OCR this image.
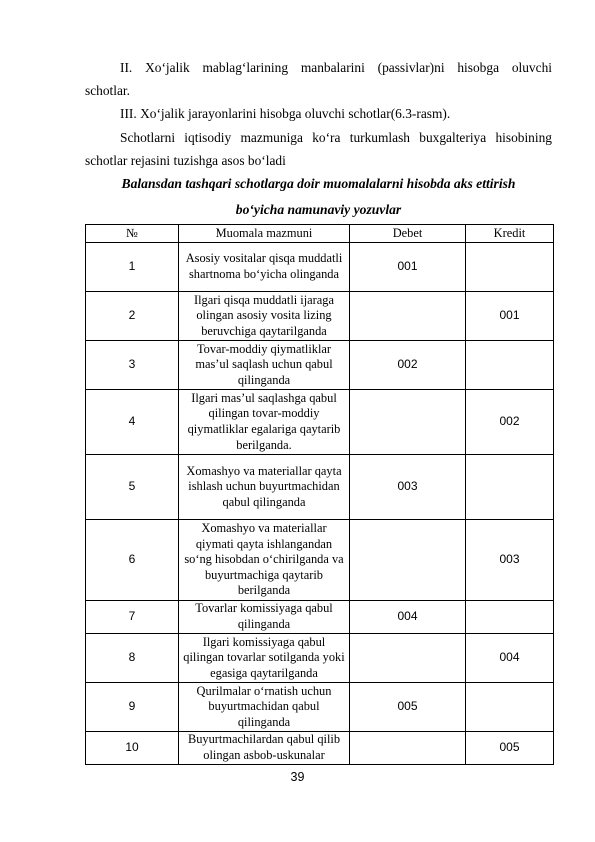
II. Xo‘jalik mablag‘larining manbalarini (passivlar)ni hisobga oluvchi
schotlar.
III. Xo‘jalik jarayonlarini hisobga oluvchi schotlar(6.3-rasm).
Schotlarni iqtisodiy mazmuniga ko‘ra turkumlash buxgalteriya hisobining
schotlar rejasini tuzishga asos bo‘ladi
Balansdan tashqari schotlarga doir muomalalarni hisobda aks ettirish
bo‘yicha namunaviy yozuvlar
№	Muomala mazmuni	Debet	Kredit
1	Asosiy vositalar qisqa muddatli shartnoma bo‘yicha olinganda	001	
2	Ilgari qisqa muddatli ijaraga olingan asosiy vosita lizing beruvchiga qaytarilganda		001
3	Tovar-moddiy qiymatliklar mas’ul saqlash uchun qabul qilinganda	002	
4	Ilgari mas’ul saqlashga qabul qilingan tovar-moddiy qiymatliklar egalariga qaytarib berilganda.		002
5	Xomashyo va materiallar qayta ishlash uchun buyurtmachidan qabul qilinganda	003	
6	Xomashyo va materiallar qiymati qayta ishlangandan so‘ng hisobdan o‘chirilganda va buyurtmachiga qaytarib berilganda		003
7	Tovarlar komissiyaga qabul qilinganda	004	
8	Ilgari komissiyaga qabul qilingan tovarlar sotilganda yoki egasiga qaytarilganda		004
9	Qurilmalar o‘rnatish uchun buyurtmachidan qabul qilinganda	005	
10	Buyurtmachilardan qabul qilib olingan asbob-uskunalar		005
39
